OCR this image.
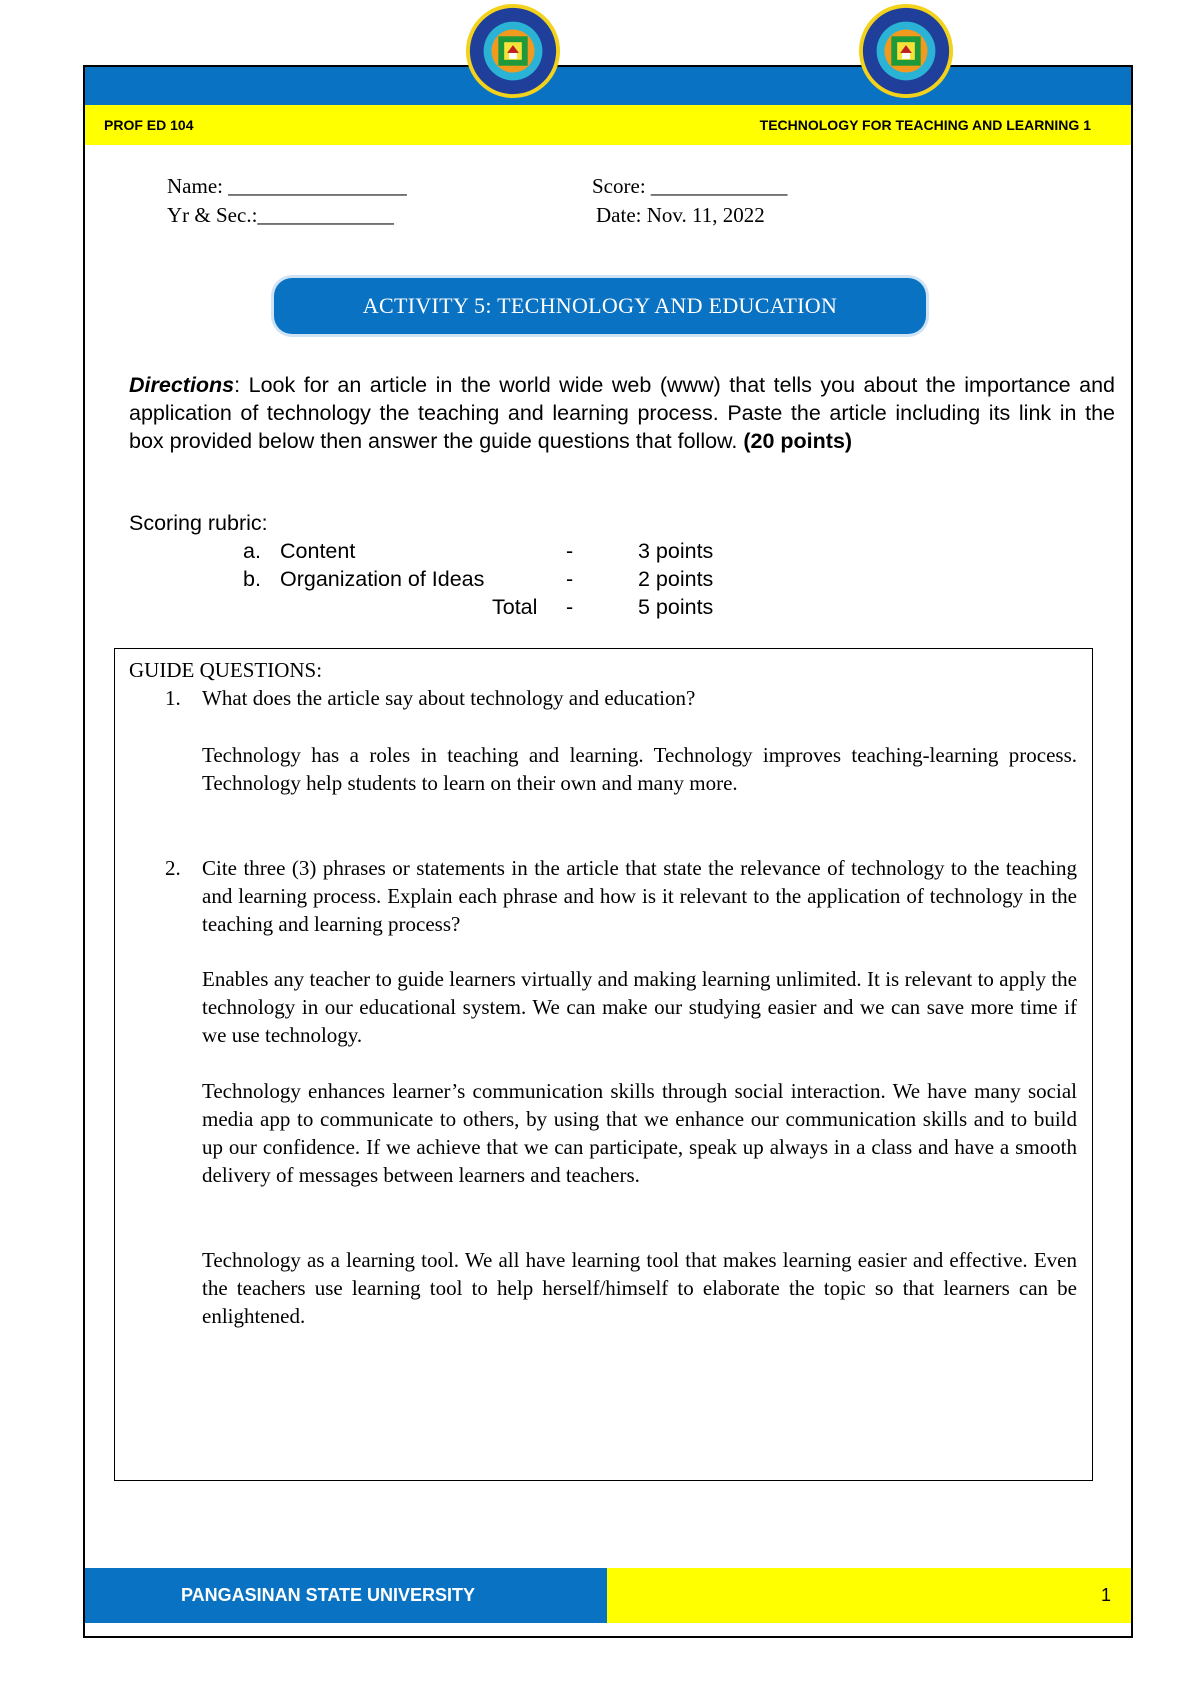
PROF ED 104	TECHNOLOGY FOR TEACHING AND LEARNING 1
Name: _________________
Yr & Sec.:_____________
Score: _____________
Date: Nov. 11, 2022
ACTIVITY 5: TECHNOLOGY AND EDUCATION
Directions: Look for an article in the world wide web (www) that tells you about the importance and application of technology the teaching and learning process. Paste the article including its link in the box provided below then answer the guide questions that follow. (20 points)
Scoring rubric:
a. Content	-	3 points
b. Organization of Ideas	-	2 points
Total -	5 points
GUIDE QUESTIONS:
1. What does the article say about technology and education?
Technology has a roles in teaching and learning. Technology improves teaching-learning process. Technology help students to learn on their own and many more.
2. Cite three (3) phrases or statements in the article that state the relevance of technology to the teaching and learning process. Explain each phrase and how is it relevant to the application of technology in the teaching and learning process?
Enables any teacher to guide learners virtually and making learning unlimited. It is relevant to apply the technology in our educational system. We can make our studying easier and we can save more time if we use technology.
Technology enhances learner’s communication skills through social interaction. We have many social media app to communicate to others, by using that we enhance our communication skills and to build up our confidence. If we achieve that we can participate, speak up always in a class and have a smooth delivery of messages between learners and teachers.
Technology as a learning tool. We all have learning tool that makes learning easier and effective. Even the teachers use learning tool to help herself/himself to elaborate the topic so that learners can be enlightened.
PANGASINAN STATE UNIVERSITY	1
